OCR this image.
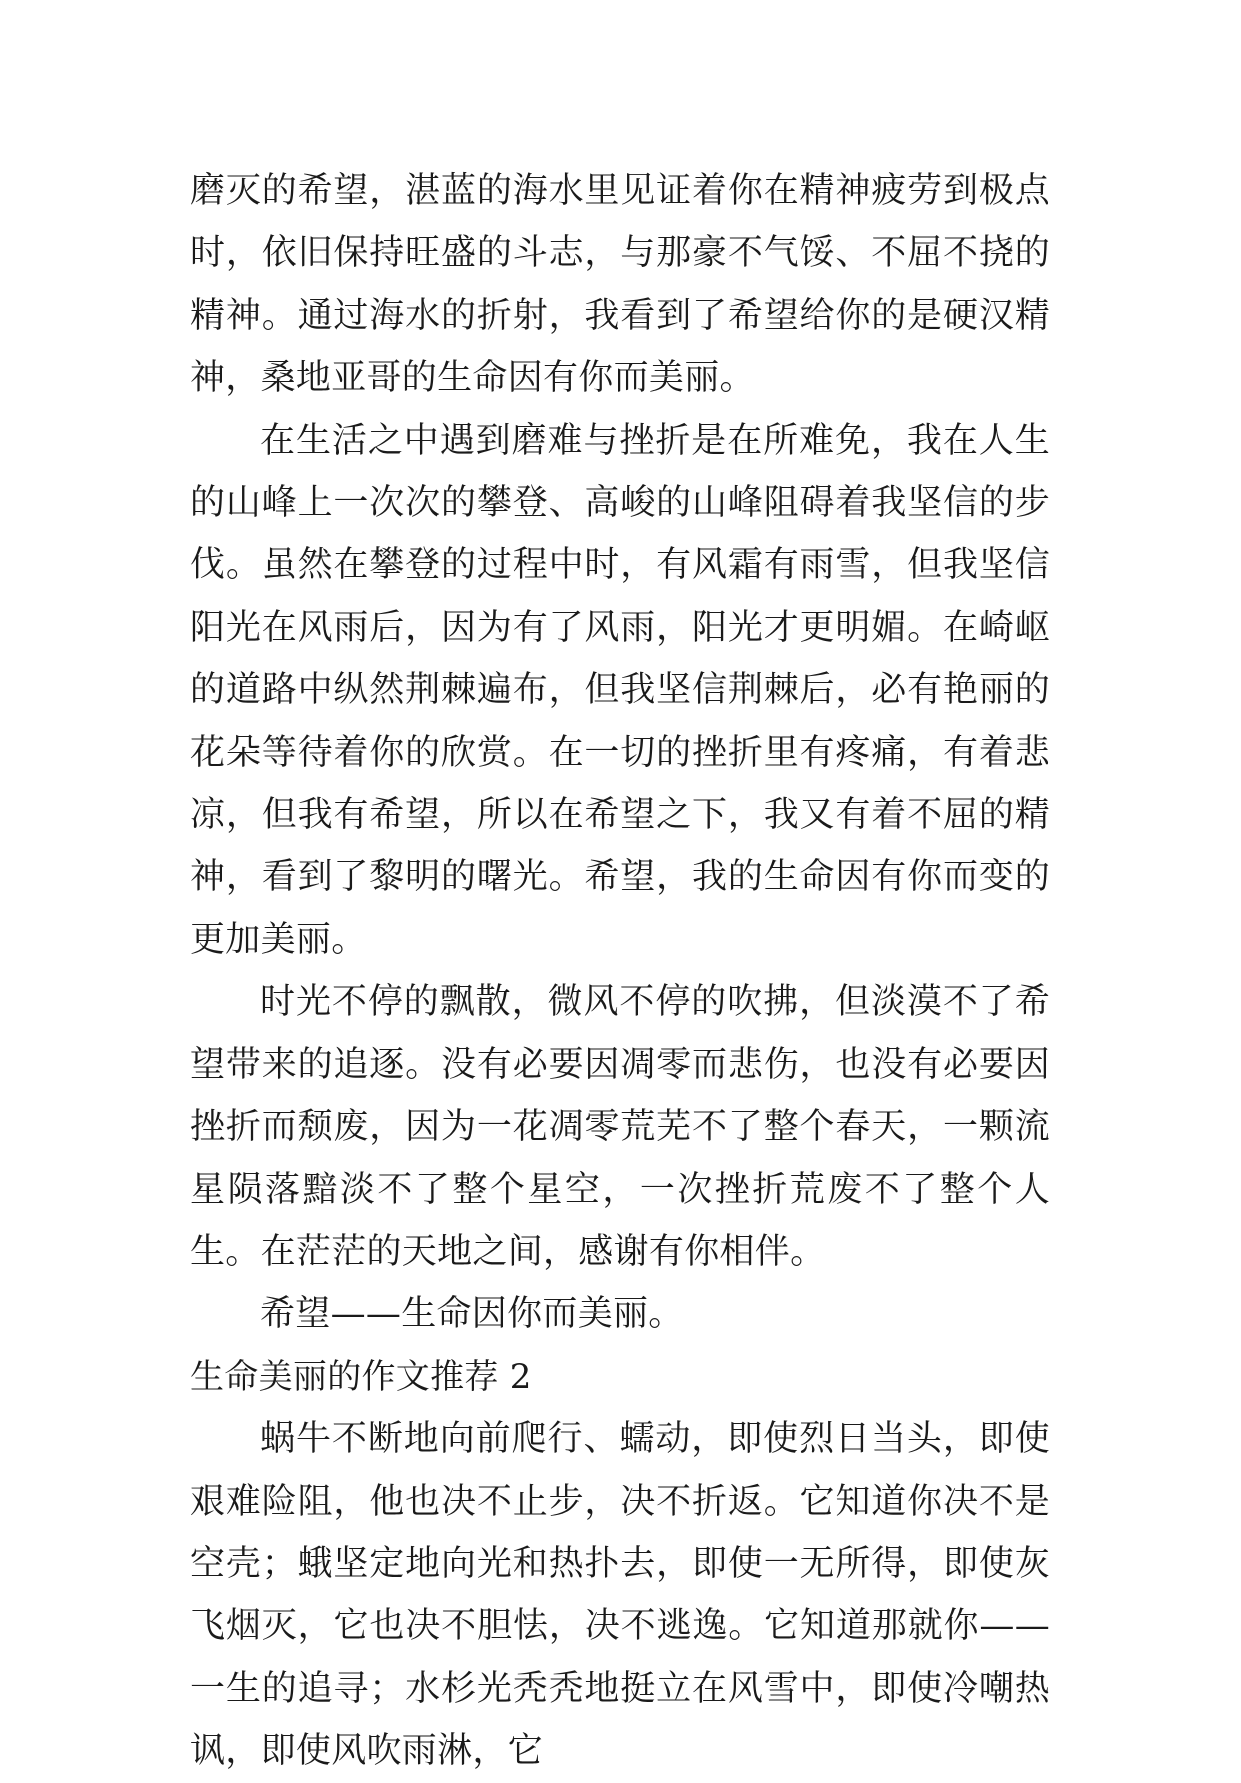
磨灭的希望，湛蓝的海水里见证着你在精神疲劳到极点时，依旧保持旺盛的斗志，与那豪不气馁、不屈不挠的精神。通过海水的折射，我看到了希望给你的是硬汉精神，桑地亚哥的生命因有你而美丽。

在生活之中遇到磨难与挫折是在所难免，我在人生的山峰上一次次的攀登、高峻的山峰阻碍着我坚信的步伐。虽然在攀登的过程中时，有风霜有雨雪，但我坚信阳光在风雨后，因为有了风雨，阳光才更明媚。在崎岖的道路中纵然荆棘遍布，但我坚信荆棘后，必有艳丽的花朵等待着你的欣赏。在一切的挫折里有疼痛，有着悲凉，但我有希望，所以在希望之下，我又有着不屈的精神，看到了黎明的曙光。希望，我的生命因有你而变的更加美丽。

时光不停的飘散，微风不停的吹拂，但淡漠不了希望带来的追逐。没有必要因凋零而悲伤，也没有必要因挫折而颓废，因为一花凋零荒芜不了整个春天，一颗流星陨落黯淡不了整个星空，一次挫折荒废不了整个人生。在茫茫的天地之间，感谢有你相伴。

希望——生命因你而美丽。

生命美丽的作文推荐 2

蜗牛不断地向前爬行、蠕动，即使烈日当头，即使艰难险阻，他也决不止步，决不折返。它知道你决不是空壳；蛾坚定地向光和热扑去，即使一无所得，即使灰飞烟灭，它也决不胆怯，决不逃逸。它知道那就你——一生的追寻；水杉光秃秃地挺立在风雪中，即使冷嘲热讽，即使风吹雨淋，它
